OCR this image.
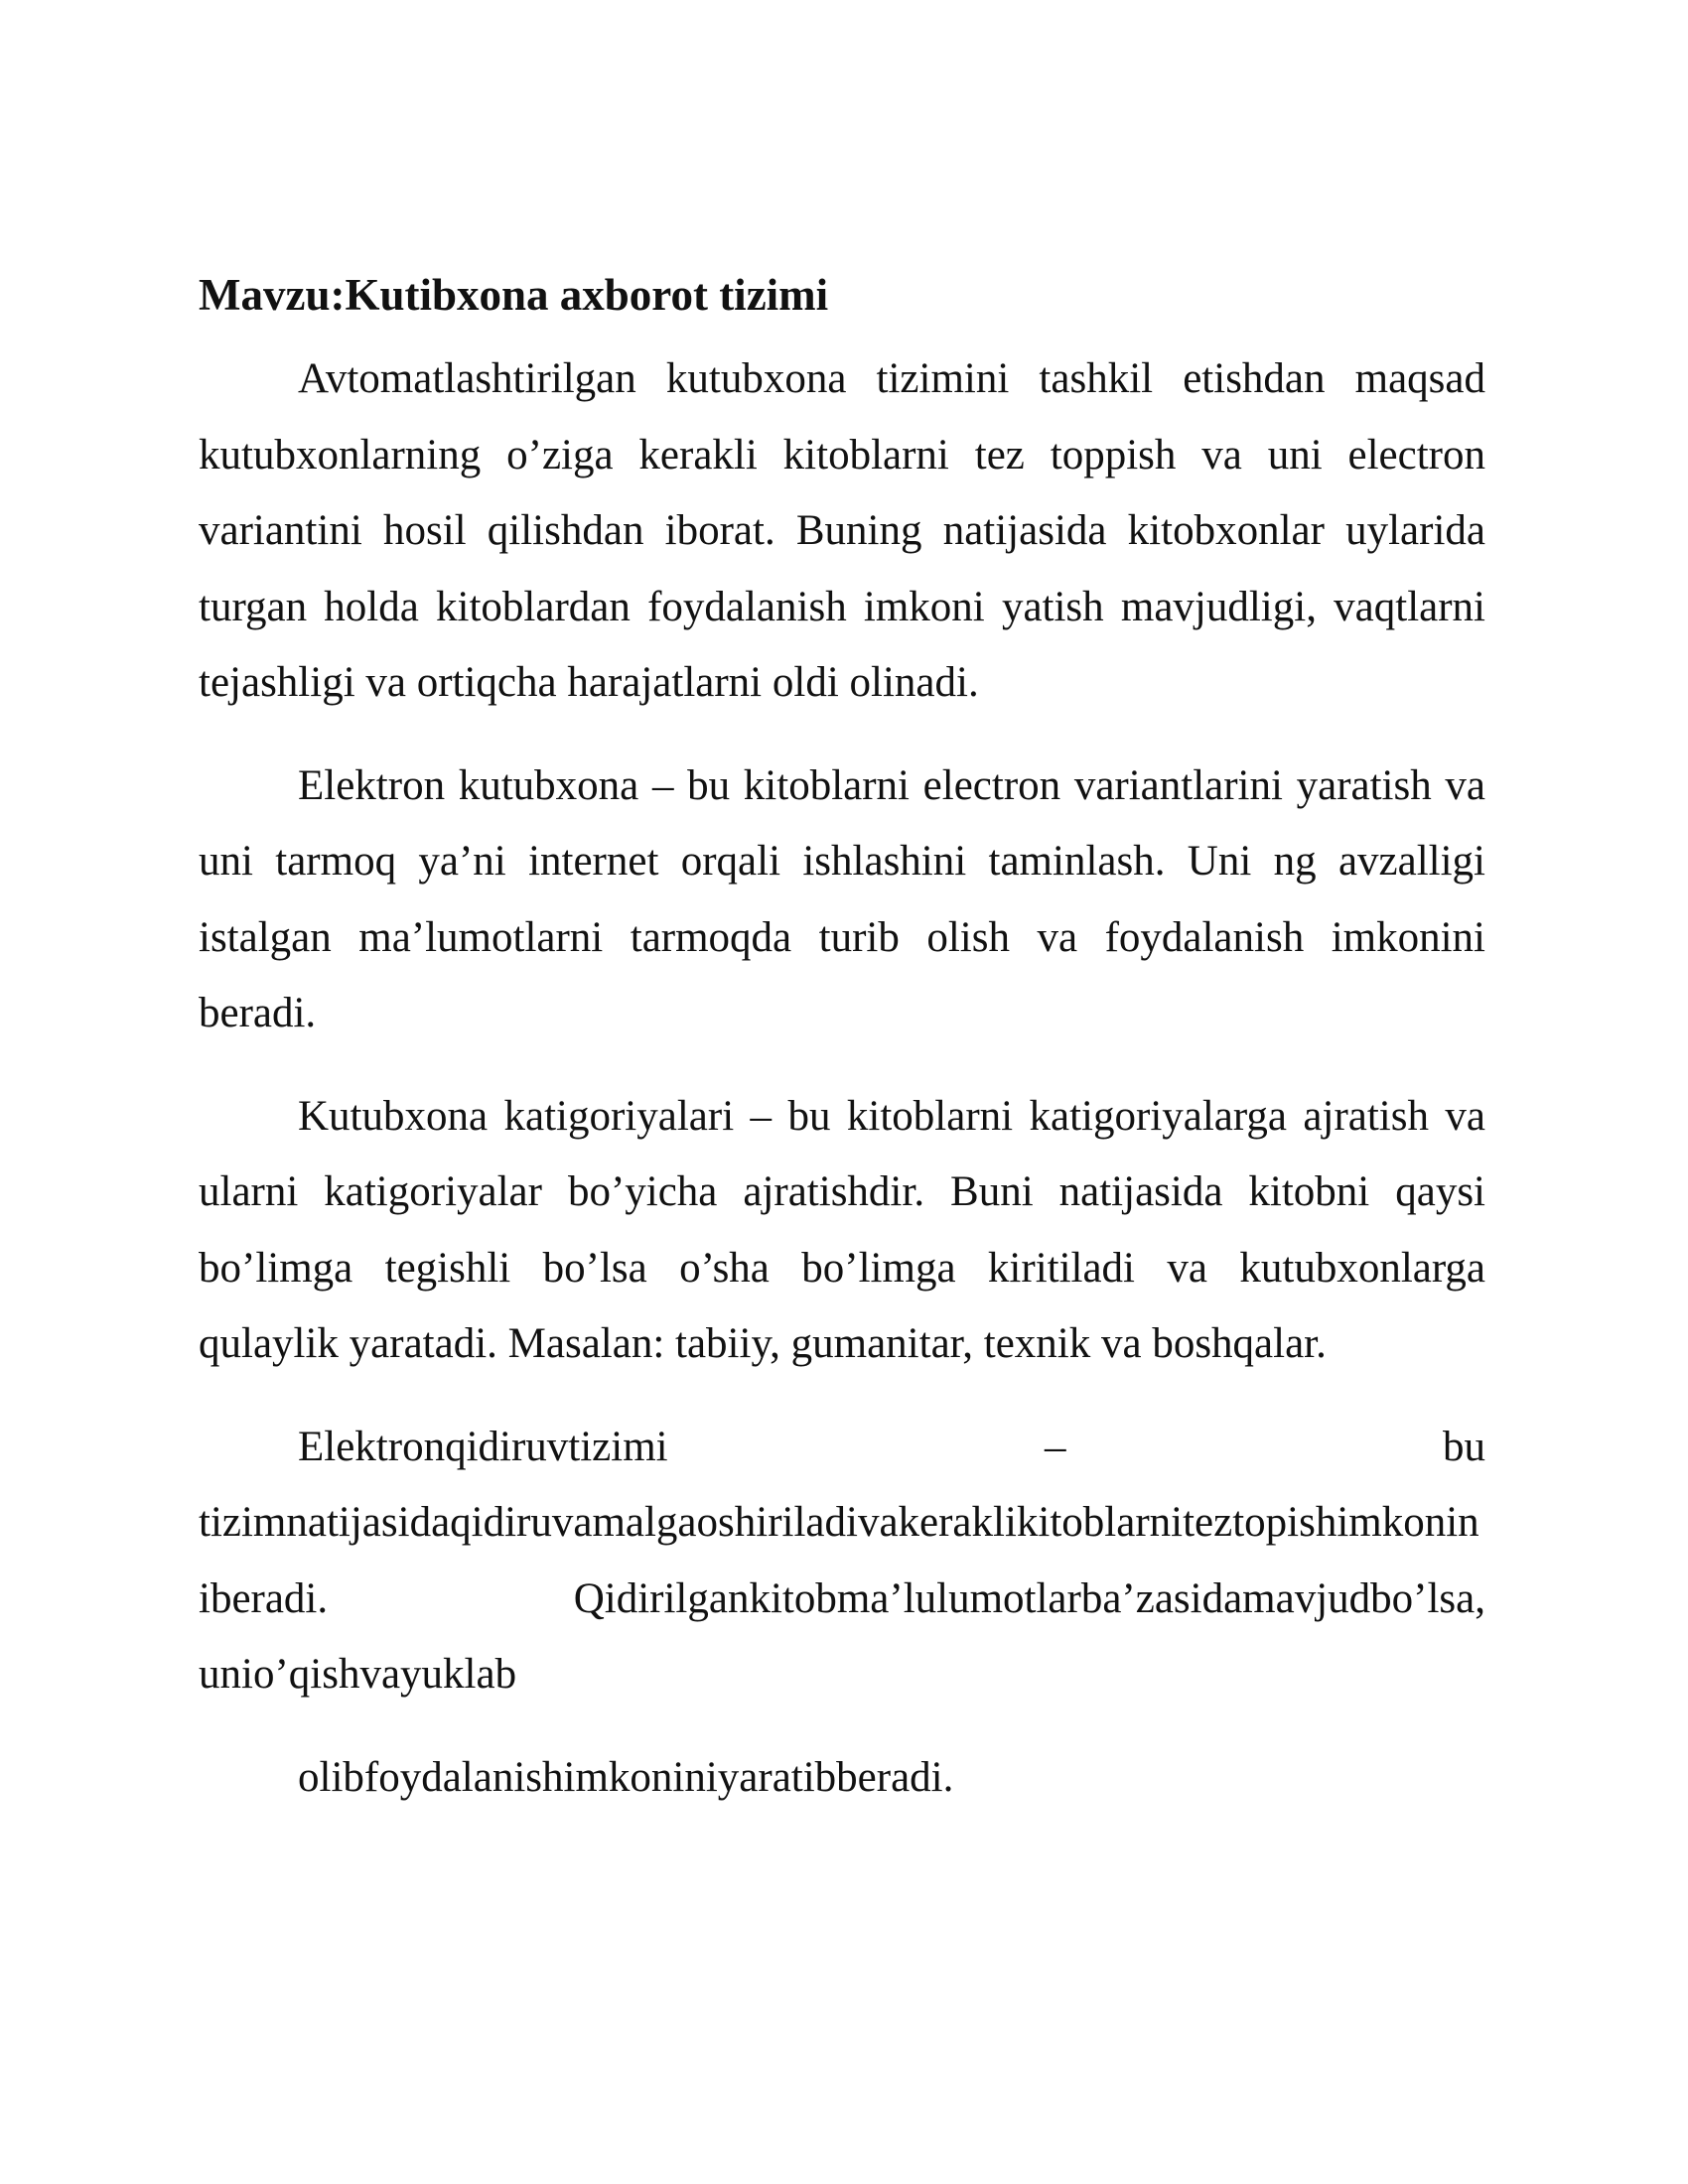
Mavzu:Kutibxona axborot tizimi

Avtomatlashtirilgan kutubxona tizimini tashkil etishdan maqsad kutubxonlarning o’ziga kerakli kitoblarni tez toppish va uni electron variantini hosil qilishdan iborat. Buning natijasida kitobxonlar uylarida turgan holda kitoblardan foydalanish imkoni yatish mavjudligi, vaqtlarni tejashligi va ortiqcha harajatlarni oldi olinadi.

Elektron kutubxona – bu kitoblarni electron variantlarini yaratish va uni tarmoq ya’ni internet orqali ishlashini taminlash. Uni ng avzalligi istalgan ma’lumotlarni tarmoqda turib olish va foydalanish imkonini beradi.

Kutubxona katigoriyalari – bu kitoblarni katigoriyalarga ajratish va ularni katigoriyalar bo’yicha ajratishdir. Buni natijasida kitobni qaysi bo’limga tegishli bo’lsa o’sha bo’limga kiritiladi va kutubxonlarga qulaylik yaratadi. Masalan: tabiiy, gumanitar, texnik va boshqalar.

Elektronqidiruvtizimi – bu tizimnatijasidaqidiruvamalgaoshiriladivakeraklikitoblarniteztopishimkoniniberadi. Qidirilgankitobma’lulumotlarba’zasidamavjudbo’lsa, unio’qishvayuklab

olibfoydalanishimkoniniyaratibberadi.
